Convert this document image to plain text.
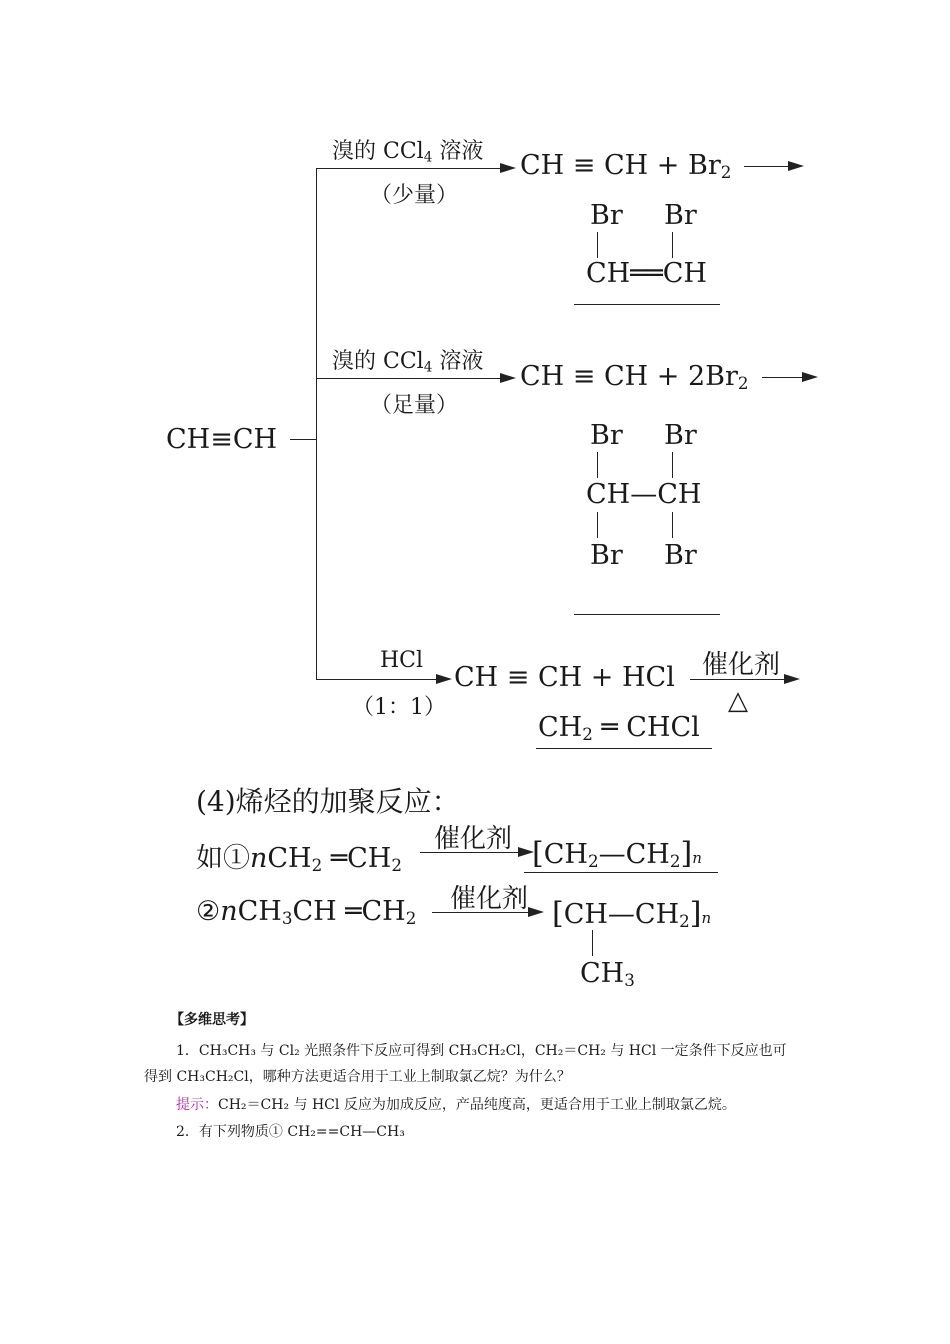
CH≡CH
溴的 CCl$_4$ 溶液
（少量）
CH ≡ CH + $Br_2$
Br Br
CH══CH
溴的 CCl$_4$ 溶液
（足量）
CH ≡ CH + $2Br_2$
Br Br
CH—CH
Br Br
HCl
（1：1）
CH ≡ CH + HCl 催化剂
△
$CH_2$ ═ CHCl
(4)烯烃的加聚反应：
如①nCH$_2$ $═CH_2$
催化剂 $[CH_2—CH_2]n$
②nCH$_3$CH $═CH_2$
催化剂 $[CH—CH_2]n$
$CH_3$
【多维思考】
1．CH₃CH₃ 与 Cl₂ 光照条件下反应可得到 CH₃CH₂Cl，CH₂＝CH₂ 与 HCl 一定条件下反应也可
得到 CH₃CH₂Cl，哪种方法更适合用于工业上制取氯乙烷？为什么？
提示：CH₂＝CH₂ 与 HCl 反应为加成反应，产品纯度高，更适合用于工业上制取氯乙烷。
2．有下列物质① CH₂==CH—CH₃
